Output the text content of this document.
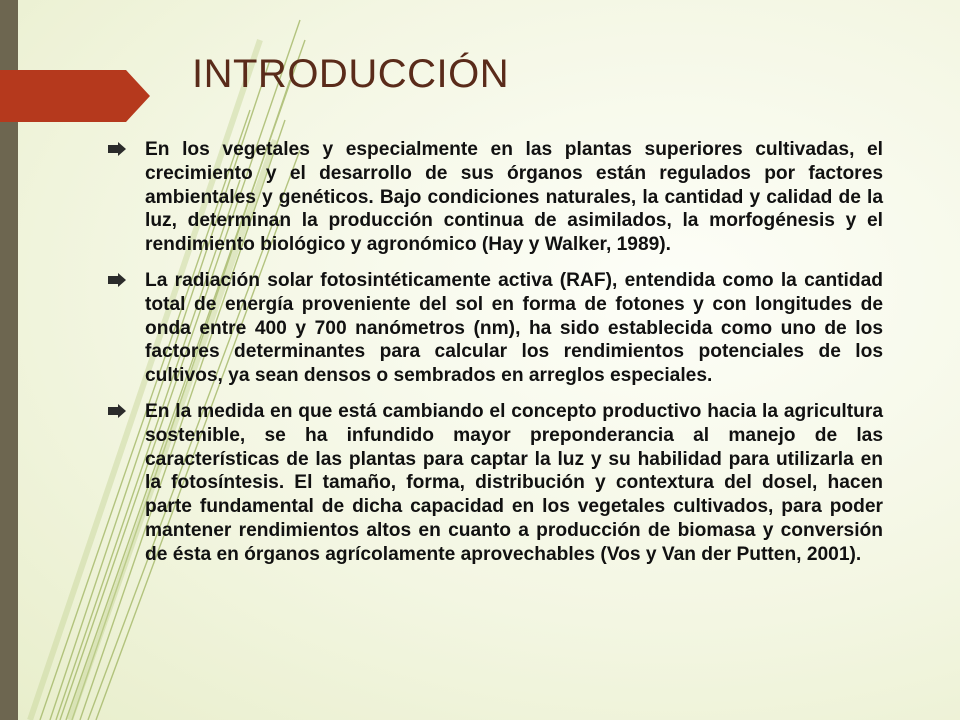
INTRODUCCIÓN

En los vegetales y especialmente en las plantas superiores cultivadas, el crecimiento y el desarrollo de sus órganos están regulados por factores ambientales y genéticos. Bajo condiciones naturales, la cantidad y calidad de la luz, determinan la producción continua de asimilados, la morfogénesis y el rendimiento biológico y agronómico (Hay y Walker, 1989).

La radiación solar fotosintéticamente activa (RAF), entendida como la cantidad total de energía proveniente del sol en forma de fotones y con longitudes de onda entre 400 y 700 nanómetros (nm), ha sido establecida como uno de los factores determinantes para calcular los rendimientos potenciales de los cultivos, ya sean densos o sembrados en arreglos especiales.

En la medida en que está cambiando el concepto productivo hacia la agricultura sostenible, se ha infundido mayor preponderancia al manejo de las características de las plantas para captar la luz y su habilidad para utilizarla en la fotosíntesis. El tamaño, forma, distribución y contextura del dosel, hacen parte fundamental de dicha capacidad en los vegetales cultivados, para poder mantener rendimientos altos en cuanto a producción de biomasa y conversión de ésta en órganos agrícolamente aprovechables (Vos y Van der Putten, 2001).
